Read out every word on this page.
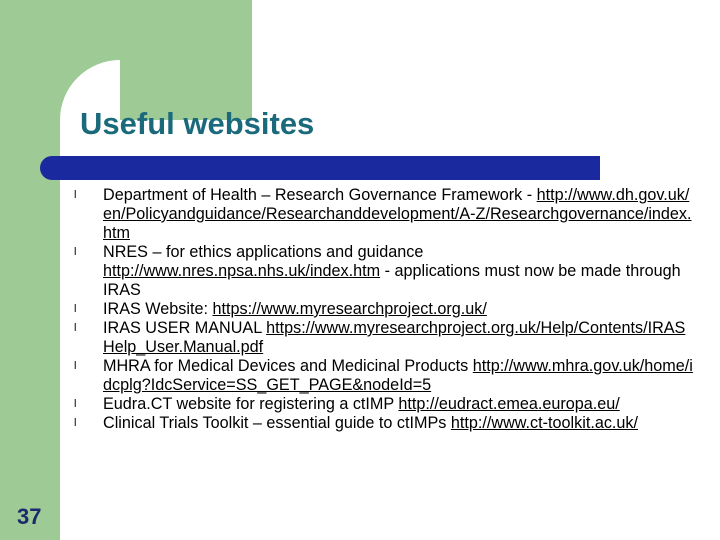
Useful websites
l Department of Health – Research Governance Framework - http://www.dh.gov.uk/en/Policyandguidance/Researchanddevelopment/A-Z/Researchgovernance/index.htm
l NRES – for ethics applications and guidance http://www.nres.npsa.nhs.uk/index.htm - applications must now be made through IRAS
l IRAS Website: https://www.myresearchproject.org.uk/
l IRAS USER MANUAL https://www.myresearchproject.org.uk/Help/Contents/IRASHelp_User.Manual.pdf
l MHRA for Medical Devices and Medicinal Products http://www.mhra.gov.uk/home/idcplg?IdcService=SS_GET_PAGE&nodeId=5
l Eudra.CT website for registering a ctIMP http://eudract.emea.europa.eu/
l Clinical Trials Toolkit – essential guide to ctIMPs http://www.ct-toolkit.ac.uk/
37
